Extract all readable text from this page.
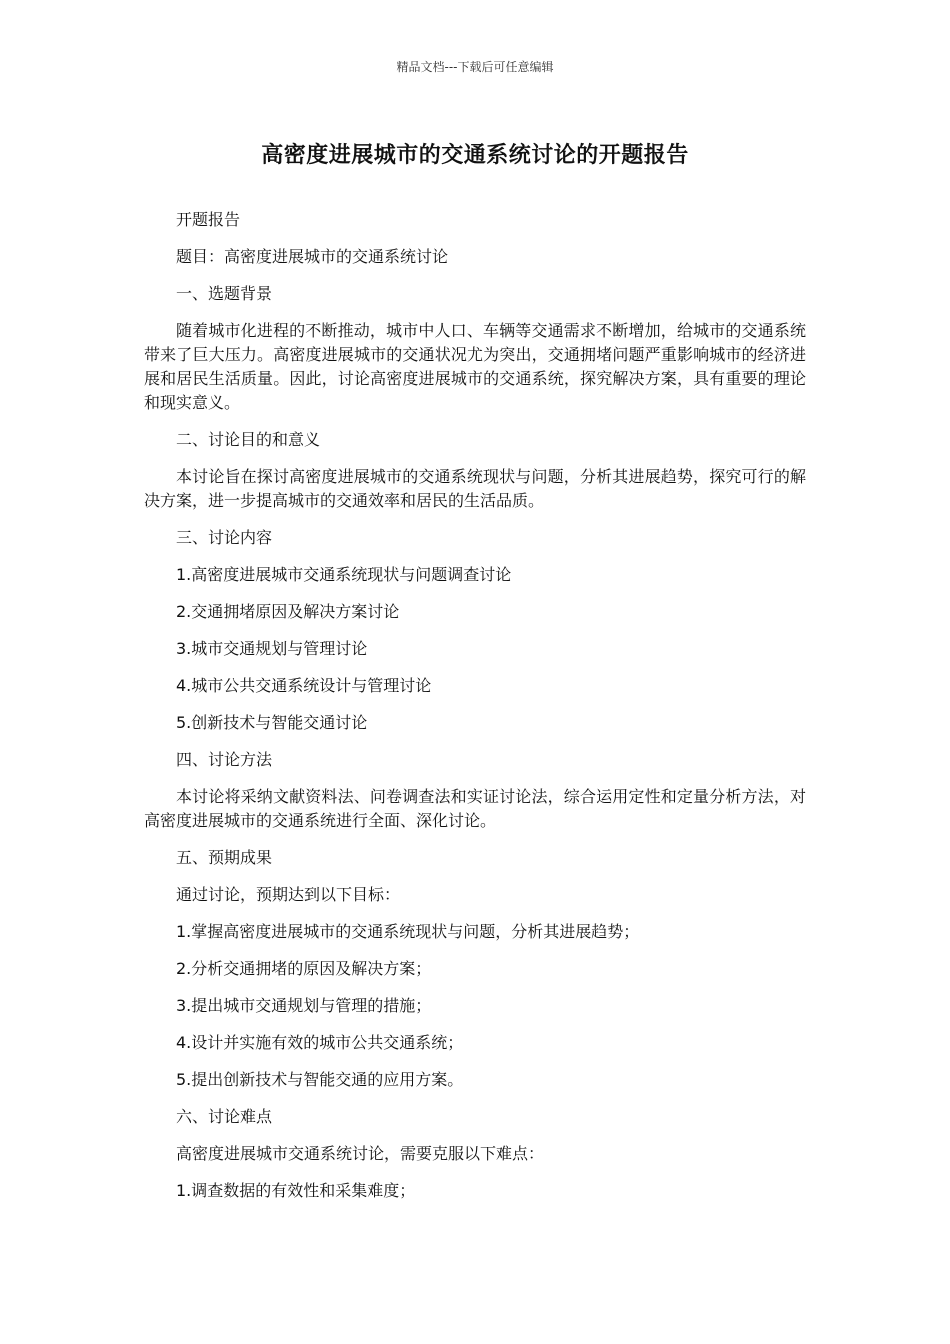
精品文档---下载后可任意编辑
高密度进展城市的交通系统讨论的开题报告

开题报告

题目：高密度进展城市的交通系统讨论

一、选题背景

随着城市化进程的不断推动，城市中人口、车辆等交通需求不断增加，给城市的交通系统带来了巨大压力。高密度进展城市的交通状况尤为突出，交通拥堵问题严重影响城市的经济进展和居民生活质量。因此，讨论高密度进展城市的交通系统，探究解决方案，具有重要的理论和现实意义。

二、讨论目的和意义

本讨论旨在探讨高密度进展城市的交通系统现状与问题，分析其进展趋势，探究可行的解决方案，进一步提高城市的交通效率和居民的生活品质。

三、讨论内容

1.高密度进展城市交通系统现状与问题调查讨论

2.交通拥堵原因及解决方案讨论

3.城市交通规划与管理讨论

4.城市公共交通系统设计与管理讨论

5.创新技术与智能交通讨论

四、讨论方法

本讨论将采纳文献资料法、问卷调查法和实证讨论法，综合运用定性和定量分析方法，对高密度进展城市的交通系统进行全面、深化讨论。

五、预期成果

通过讨论，预期达到以下目标：

1.掌握高密度进展城市的交通系统现状与问题，分析其进展趋势；

2.分析交通拥堵的原因及解决方案；

3.提出城市交通规划与管理的措施；

4.设计并实施有效的城市公共交通系统；

5.提出创新技术与智能交通的应用方案。

六、讨论难点

高密度进展城市交通系统讨论，需要克服以下难点：

1.调查数据的有效性和采集难度；
